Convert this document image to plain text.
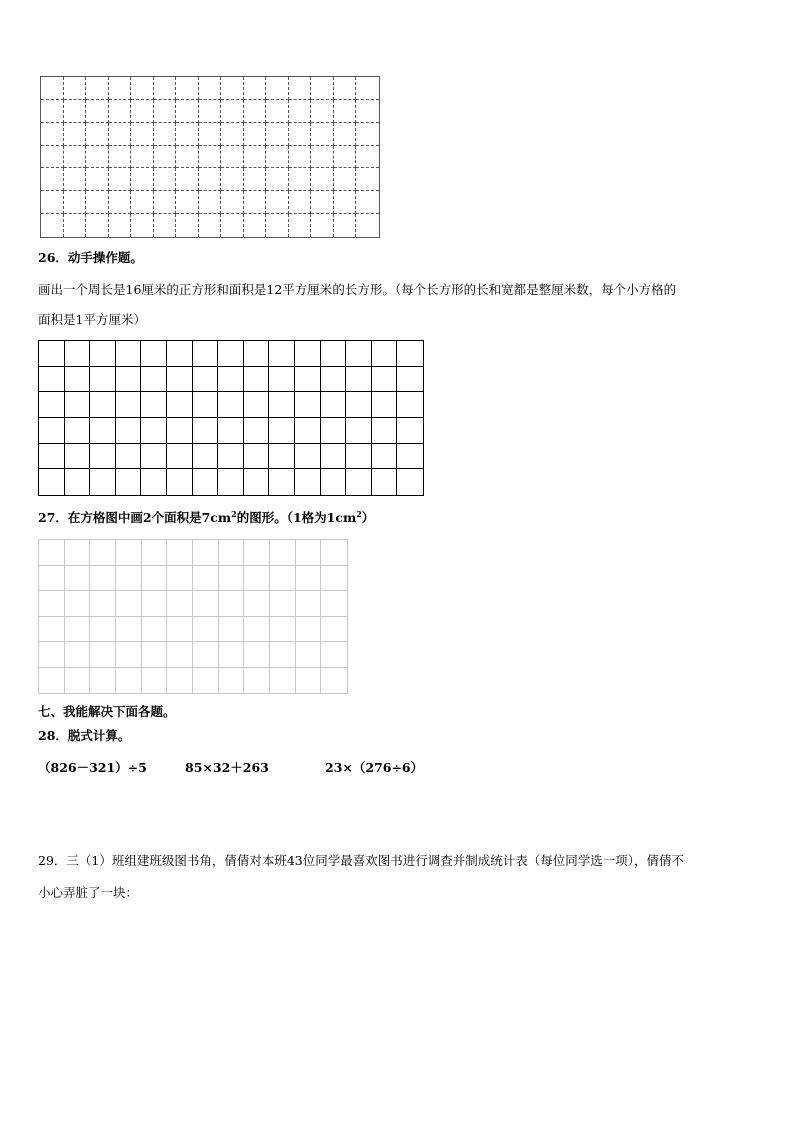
26．动手操作题。
画出一个周长是16厘米的正方形和面积是12平方厘米的长方形。（每个长方形的长和宽都是整厘米数，每个小方格的
面积是1平方厘米）
27．在方格图中画2个面积是$7cm^2$的图形。（1格为$1cm^2$）
七、我能解决下面各题。
28．脱式计算。
（826－321）÷5	85×32＋263	23×（276÷6）
29．三（1）班组建班级图书角，倩倩对本班43位同学最喜欢图书进行调查并制成统计表（每位同学选一项），倩倩不
小心弄脏了一块：
